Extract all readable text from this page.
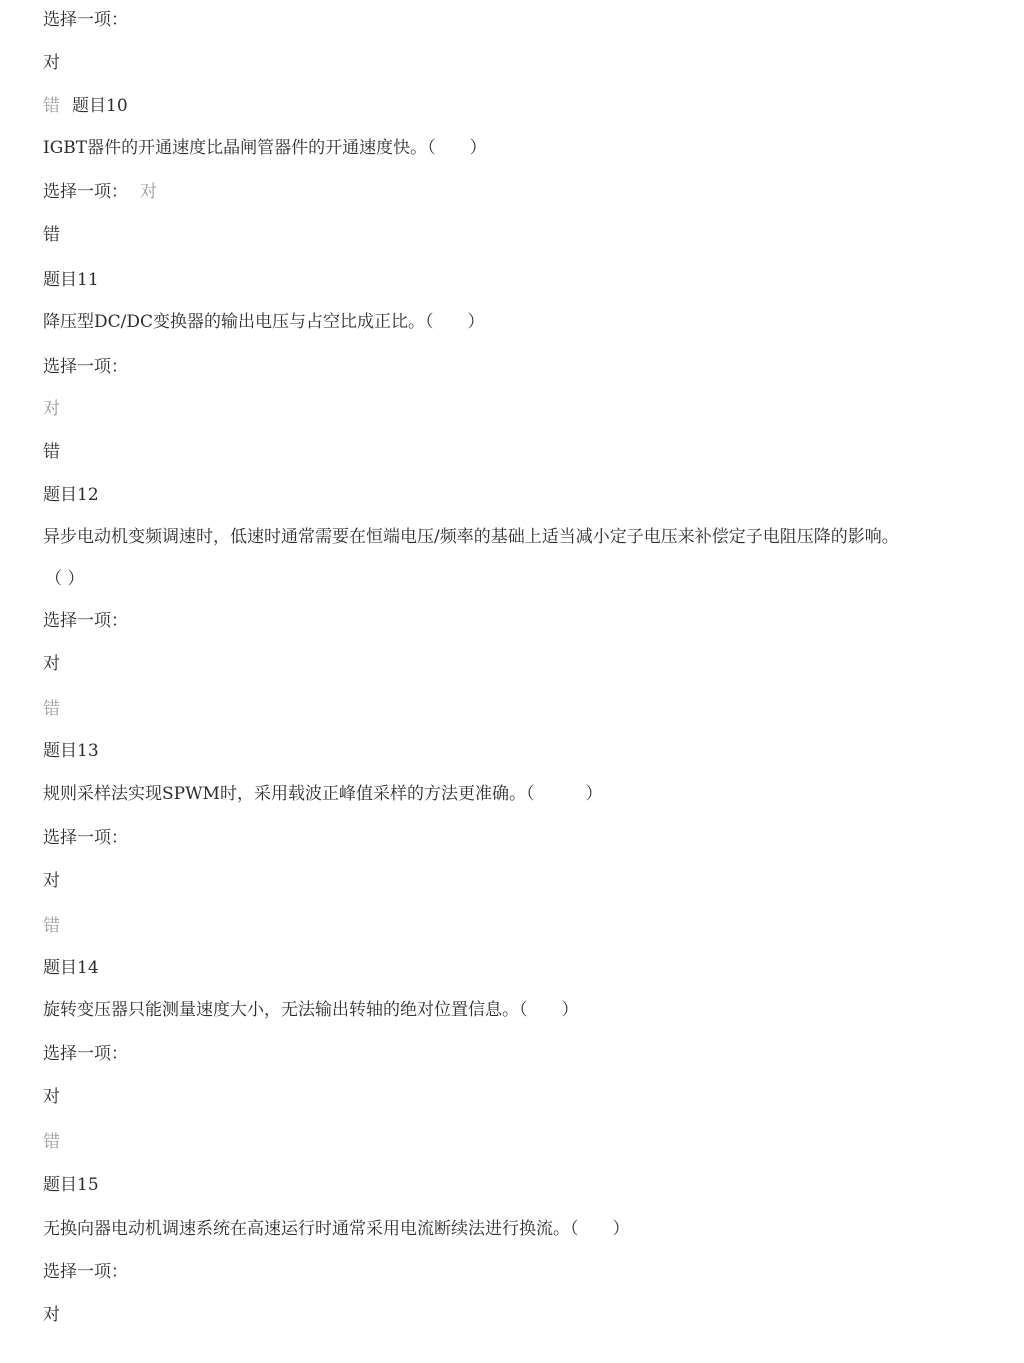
选择一项：
对
错 题目10
IGBT器件的开通速度比晶闸管器件的开通速度快。（　　）
选择一项： 对
错
题目11
降压型DC/DC变换器的输出电压与占空比成正比。（　　）
选择一项：
对
错
题目12
异步电动机变频调速时，低速时通常需要在恒端电压/频率的基础上适当减小定子电压来补偿定子电阻压降的影响。
（ ）
选择一项：
对
错
题目13
规则采样法实现SPWM时，采用载波正峰值采样的方法更准确。（　　　）
选择一项：
对
错
题目14
旋转变压器只能测量速度大小，无法输出转轴的绝对位置信息。（　　）
选择一项：
对
错
题目15
无换向器电动机调速系统在高速运行时通常采用电流断续法进行换流。（　　）
选择一项：
对
